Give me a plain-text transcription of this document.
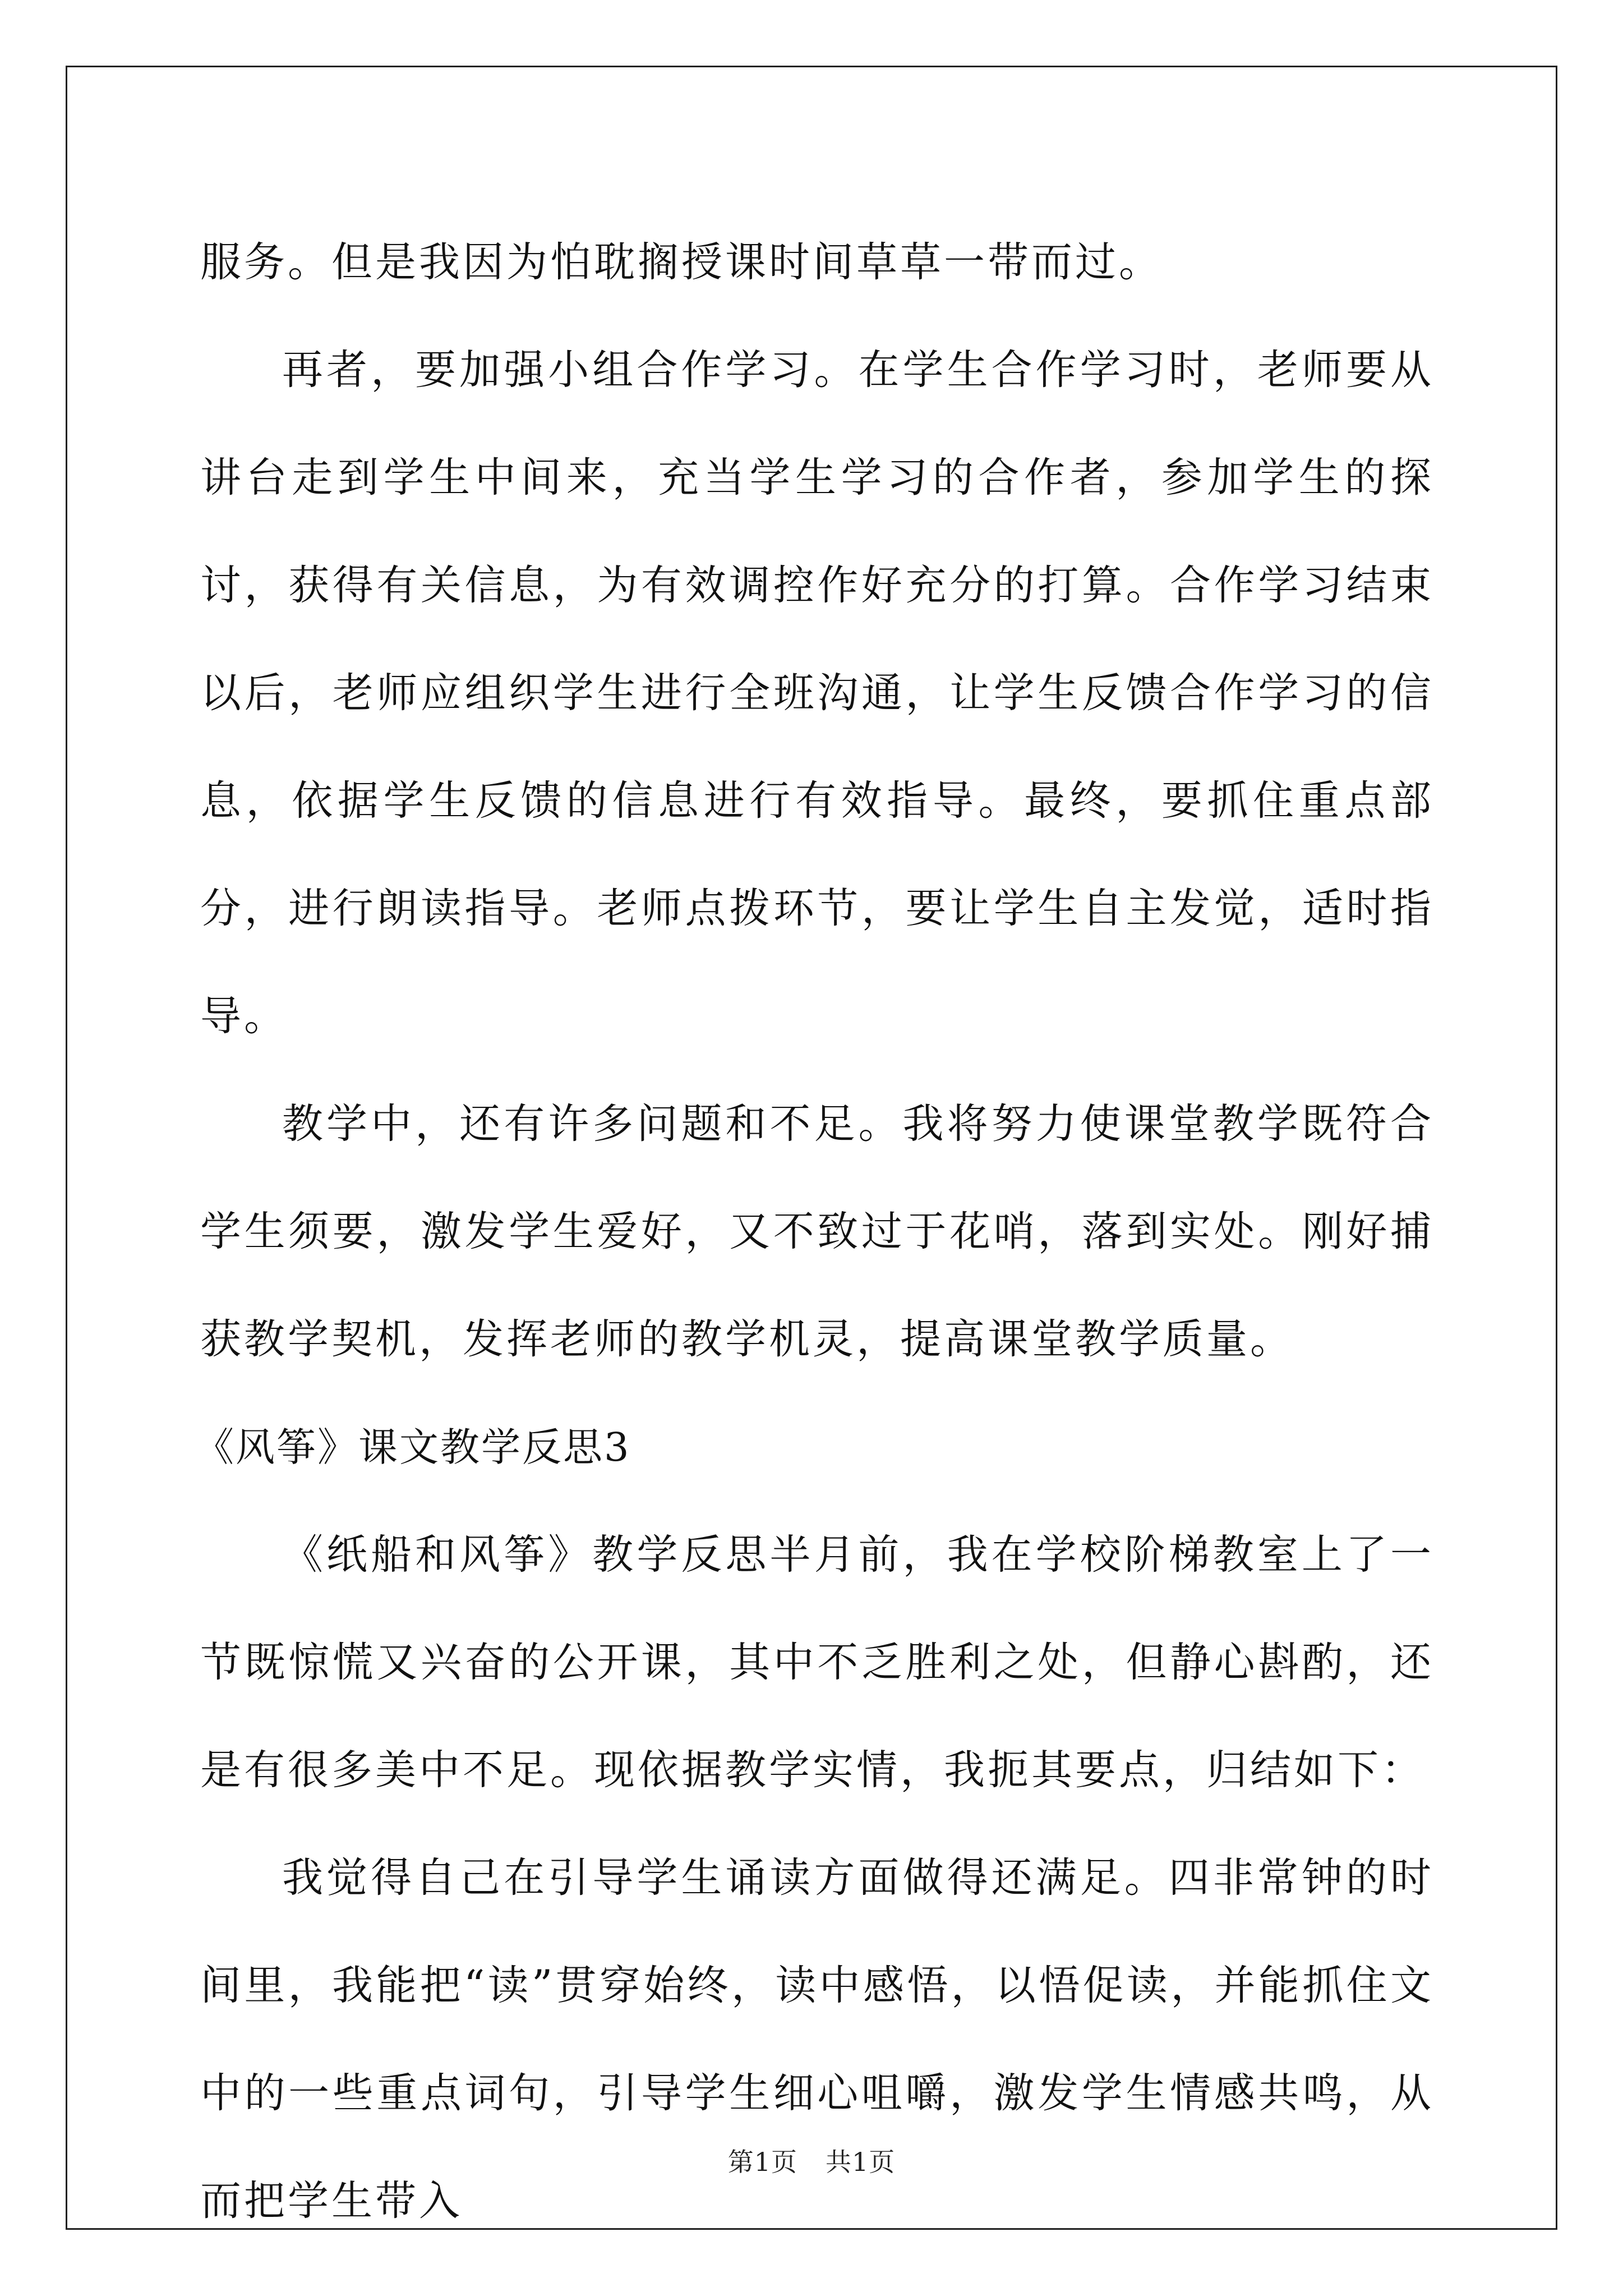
服务。但是我因为怕耽搁授课时间草草一带而过。

再者，要加强小组合作学习。在学生合作学习时，老师要从讲台走到学生中间来，充当学生学习的合作者，参加学生的探讨，获得有关信息，为有效调控作好充分的打算。合作学习结束以后，老师应组织学生进行全班沟通，让学生反馈合作学习的信息，依据学生反馈的信息进行有效指导。最终，要抓住重点部分，进行朗读指导。老师点拨环节，要让学生自主发觉，适时指导。

教学中，还有许多问题和不足。我将努力使课堂教学既符合学生须要，激发学生爱好，又不致过于花哨，落到实处。刚好捕获教学契机，发挥老师的教学机灵，提高课堂教学质量。

《风筝》课文教学反思3

《纸船和风筝》教学反思半月前，我在学校阶梯教室上了一节既惊慌又兴奋的公开课，其中不乏胜利之处，但静心斟酌，还是有很多美中不足。现依据教学实情，我扼其要点，归结如下：

我觉得自己在引导学生诵读方面做得还满足。四非常钟的时间里，我能把“读”贯穿始终，读中感悟，以悟促读，并能抓住文中的一些重点词句，引导学生细心咀嚼，激发学生情感共鸣，从而把学生带入

第1页 共1页
